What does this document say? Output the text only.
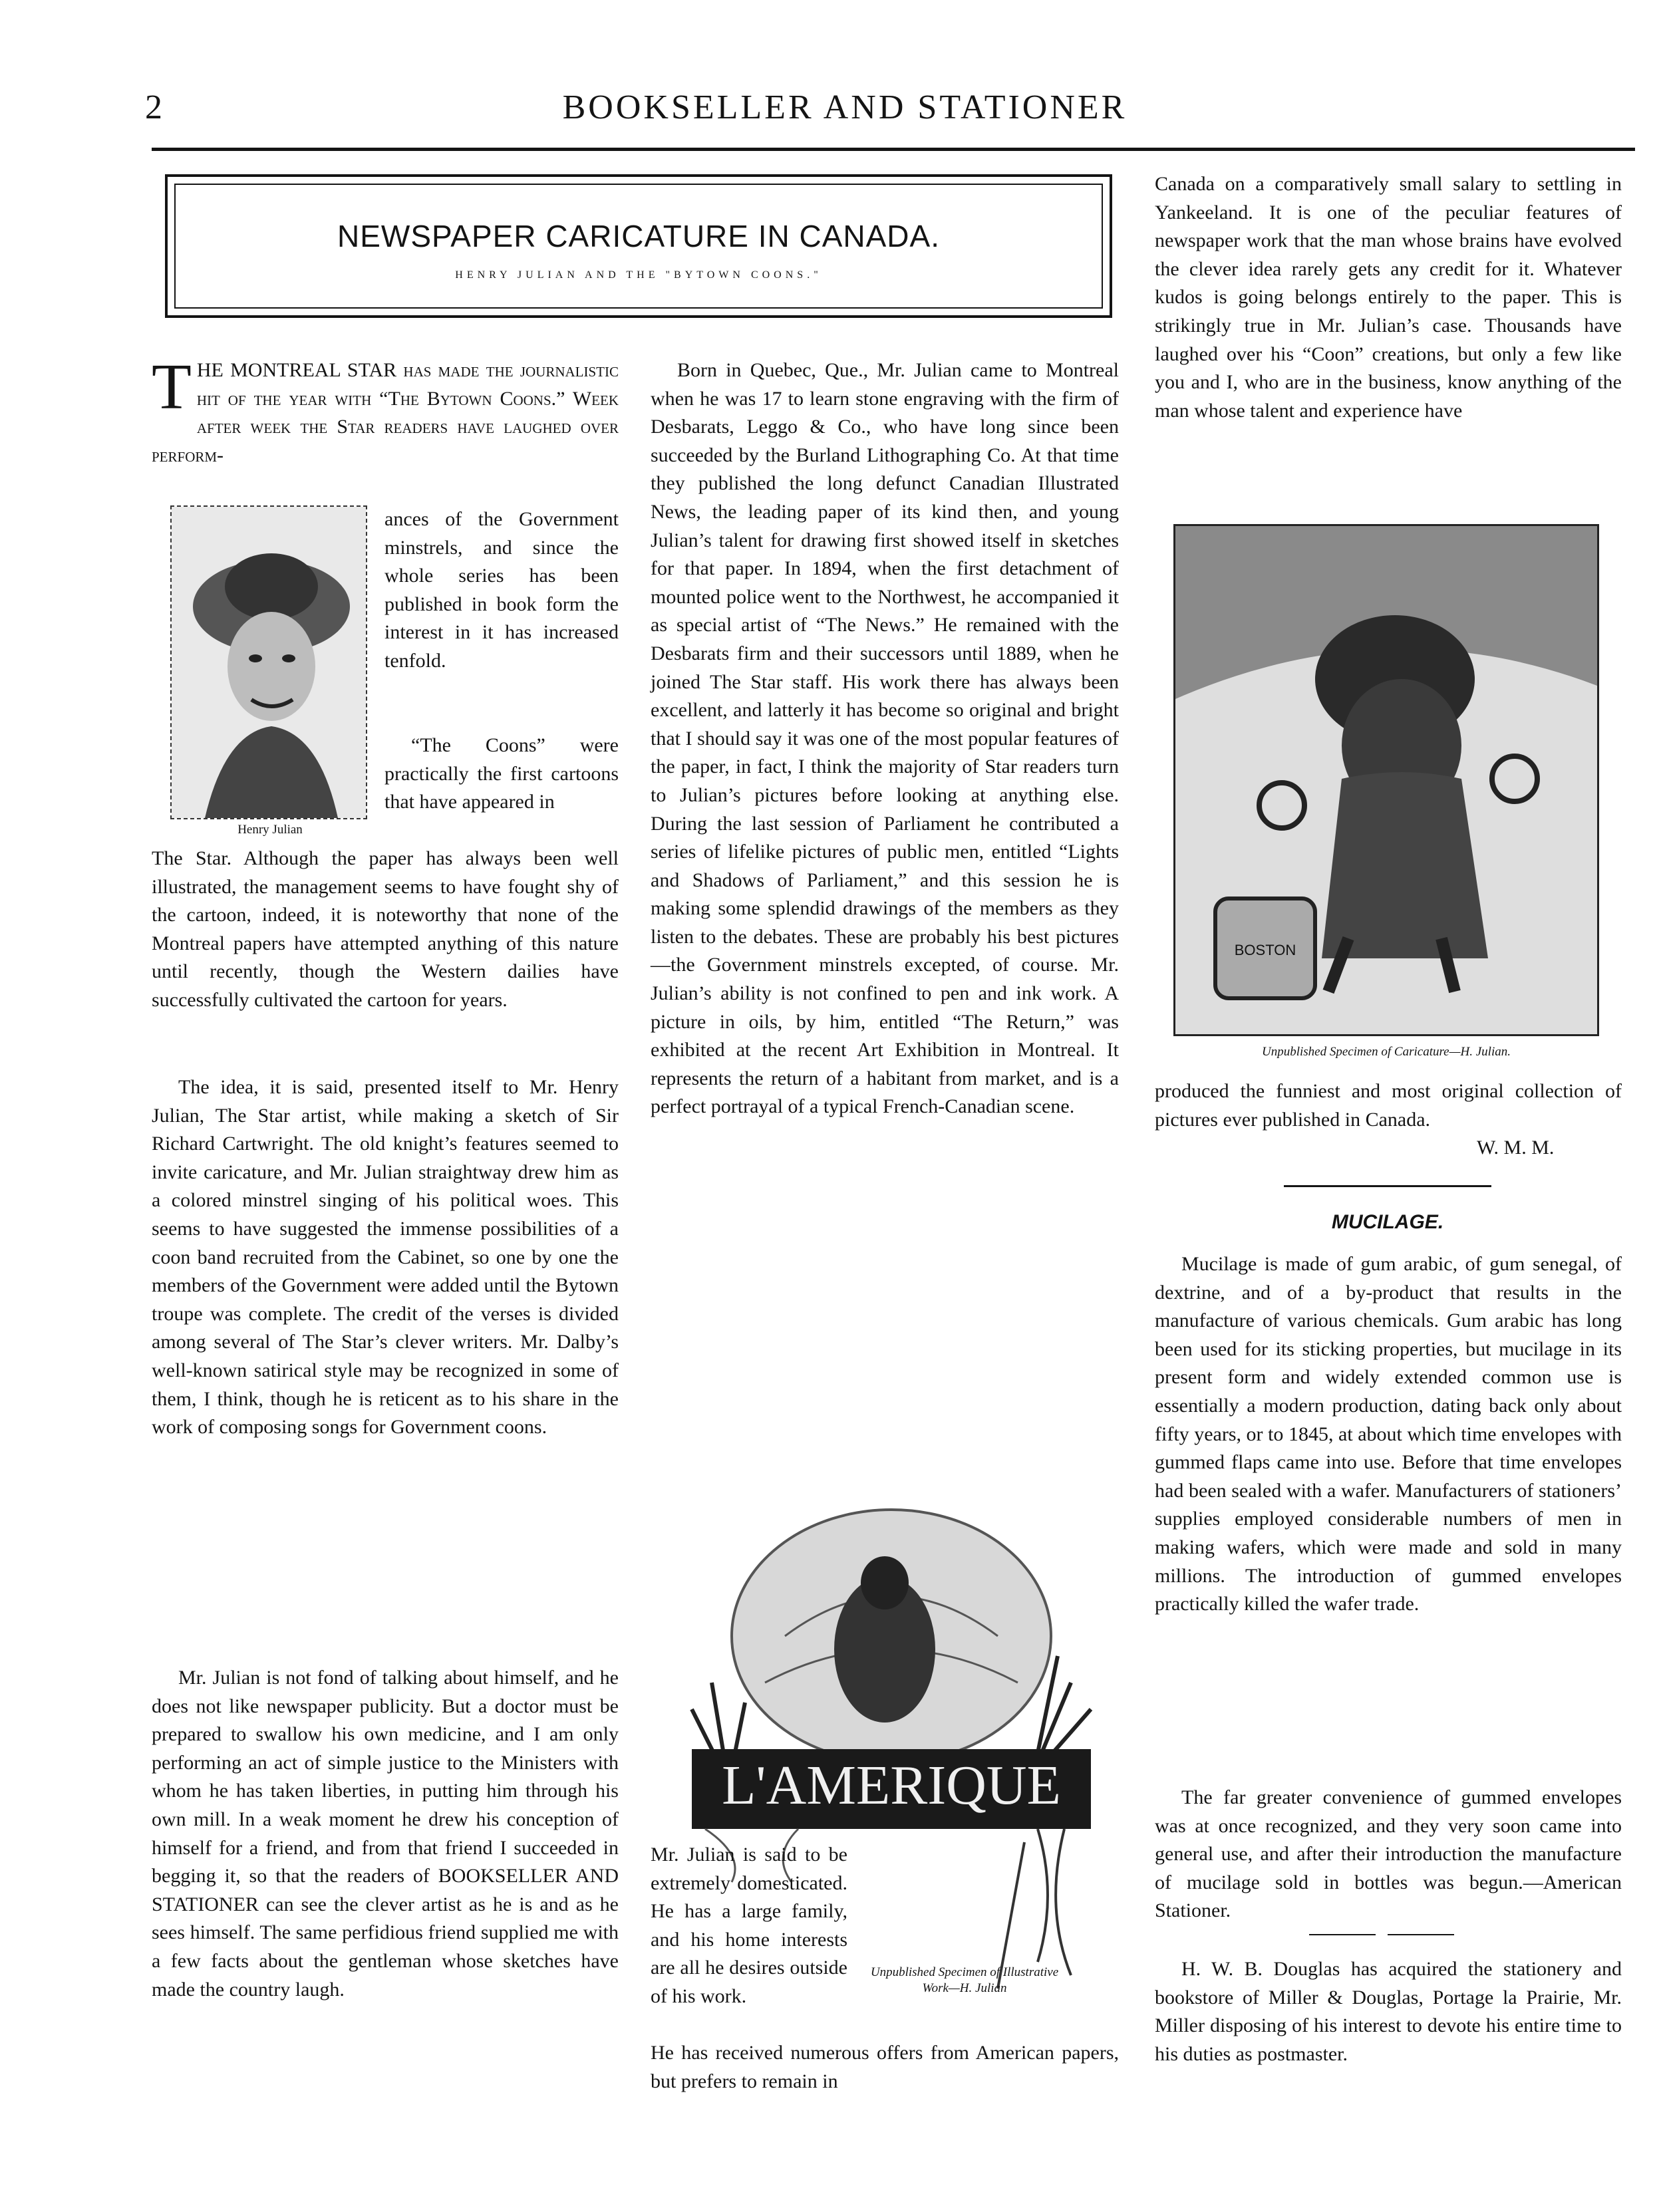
2	BOOKSELLER AND STATIONER
NEWSPAPER CARICATURE IN CANADA.
HENRY JULIAN AND THE "BYTOWN COONS."

THE MONTREAL STAR has made the journalistic hit of the year with “The Bytown Coons.” Week after week the Star readers have laughed over perform-

Henry Julian

ances of the Government minstrels, and since the whole series has been published in book form the interest in it has increased tenfold.

“The Coons” were practically the first cartoons that have appeared in

The Star. Although the paper has always been well illustrated, the management seems to have fought shy of the cartoon, indeed, it is noteworthy that none of the Montreal papers have attempted anything of this nature until recently, though the Western dailies have successfully cultivated the cartoon for years.

The idea, it is said, presented itself to Mr. Henry Julian, The Star artist, while making a sketch of Sir Richard Cartwright. The old knight’s features seemed to invite caricature, and Mr. Julian straightway drew him as a colored minstrel singing of his political woes. This seems to have suggested the immense possibilities of a coon band recruited from the Cabinet, so one by one the members of the Government were added until the Bytown troupe was complete. The credit of the verses is divided among several of The Star’s clever writers. Mr. Dalby’s well-known satirical style may be recognized in some of them, I think, though he is reticent as to his share in the work of composing songs for Government coons.

Mr. Julian is not fond of talking about himself, and he does not like newspaper publicity. But a doctor must be prepared to swallow his own medicine, and I am only performing an act of simple justice to the Ministers with whom he has taken liberties, in putting him through his own mill. In a weak moment he drew his conception of himself for a friend, and from that friend I succeeded in begging it, so that the readers of BOOKSELLER AND STATIONER can see the clever artist as he is and as he sees himself. The same perfidious friend supplied me with a few facts about the gentleman whose sketches have made the country laugh.

Born in Quebec, Que., Mr. Julian came to Montreal when he was 17 to learn stone engraving with the firm of Desbarats, Leggo & Co., who have long since been succeeded by the Burland Lithographing Co. At that time they published the long defunct Canadian Illustrated News, the leading paper of its kind then, and young Julian’s talent for drawing first showed itself in sketches for that paper. In 1894, when the first detachment of mounted police went to the Northwest, he accompanied it as special artist of “The News.” He remained with the Desbarats firm and their successors until 1889, when he joined The Star staff. His work there has always been excellent, and latterly it has become so original and bright that I should say it was one of the most popular features of the paper, in fact, I think the majority of Star readers turn to Julian’s pictures before looking at anything else. During the last session of Parliament he contributed a series of lifelike pictures of public men, entitled “Lights and Shadows of Parliament,” and this session he is making some splendid drawings of the members as they listen to the debates. These are probably his best pictures—the Government minstrels excepted, of course. Mr. Julian’s ability is not confined to pen and ink work. A picture in oils, by him, entitled “The Return,” was exhibited at the recent Art Exhibition in Montreal. It represents the return of a habitant from market, and is a perfect portrayal of a typical French-Canadian scene.

L'AMERIQUE

Mr. Julian is said to be extremely domesticated. He has a large family, and his home interests are all he desires outside of his work.

Unpublished Specimen of Illustrative Work—H. Julian

He has received numerous offers from American papers, but prefers to remain in

Canada on a comparatively small salary to settling in Yankeeland. It is one of the peculiar features of newspaper work that the man whose brains have evolved the clever idea rarely gets any credit for it. Whatever kudos is going belongs entirely to the paper. This is strikingly true in Mr. Julian’s case. Thousands have laughed over his “Coon” creations, but only a few like you and I, who are in the business, know anything of the man whose talent and experience have

BOSTON
Unpublished Specimen of Caricature—H. Julian.

produced the funniest and most original collection of pictures ever published in Canada.

W. M. M.
MUCILAGE.

Mucilage is made of gum arabic, of gum senegal, of dextrine, and of a by-product that results in the manufacture of various chemicals. Gum arabic has long been used for its sticking properties, but mucilage in its present form and widely extended common use is essentially a modern production, dating back only about fifty years, or to 1845, at about which time envelopes with gummed flaps came into use. Before that time envelopes had been sealed with a wafer. Manufacturers of stationers’ supplies employed considerable numbers of men in making wafers, which were made and sold in many millions. The introduction of gummed envelopes practically killed the wafer trade.

The far greater convenience of gummed envelopes was at once recognized, and they very soon came into general use, and after their introduction the manufacture of mucilage sold in bottles was begun.—American Stationer.

H. W. B. Douglas has acquired the stationery and bookstore of Miller & Douglas, Portage la Prairie, Mr. Miller disposing of his interest to devote his entire time to his duties as postmaster.
